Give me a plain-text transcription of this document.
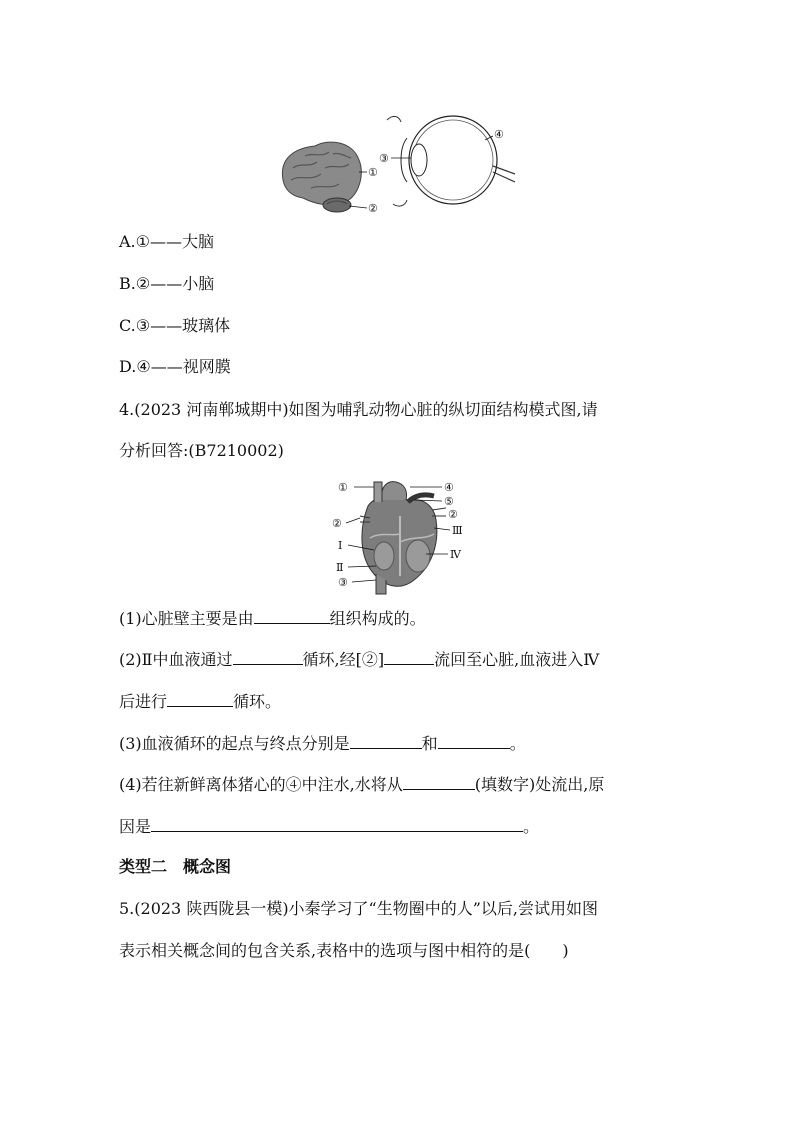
①
②
③
④
A.①——大脑
B.②——小脑
C.③——玻璃体
D.④——视网膜
4.(2023 河南郸城期中)如图为哺乳动物心脏的纵切面结构模式图,请
分析回答:(B7210002)
①
②
Ⅰ
Ⅱ
③
④
⑤
②
Ⅲ
Ⅳ
(1)心脏壁主要是由	组织构成的。
(2)Ⅱ中血液通过	循环,经[②]	流回至心脏,血液进入Ⅳ
后进行	循环。
(3)血液循环的起点与终点分别是	和	。
(4)若往新鲜离体猪心的④中注水,水将从	(填数字)处流出,原
因是	。
类型二　概念图
5.(2023 陕西陇县一模)小秦学习了“生物圈中的人”以后,尝试用如图
表示相关概念间的包含关系,表格中的选项与图中相符的是(　　)
